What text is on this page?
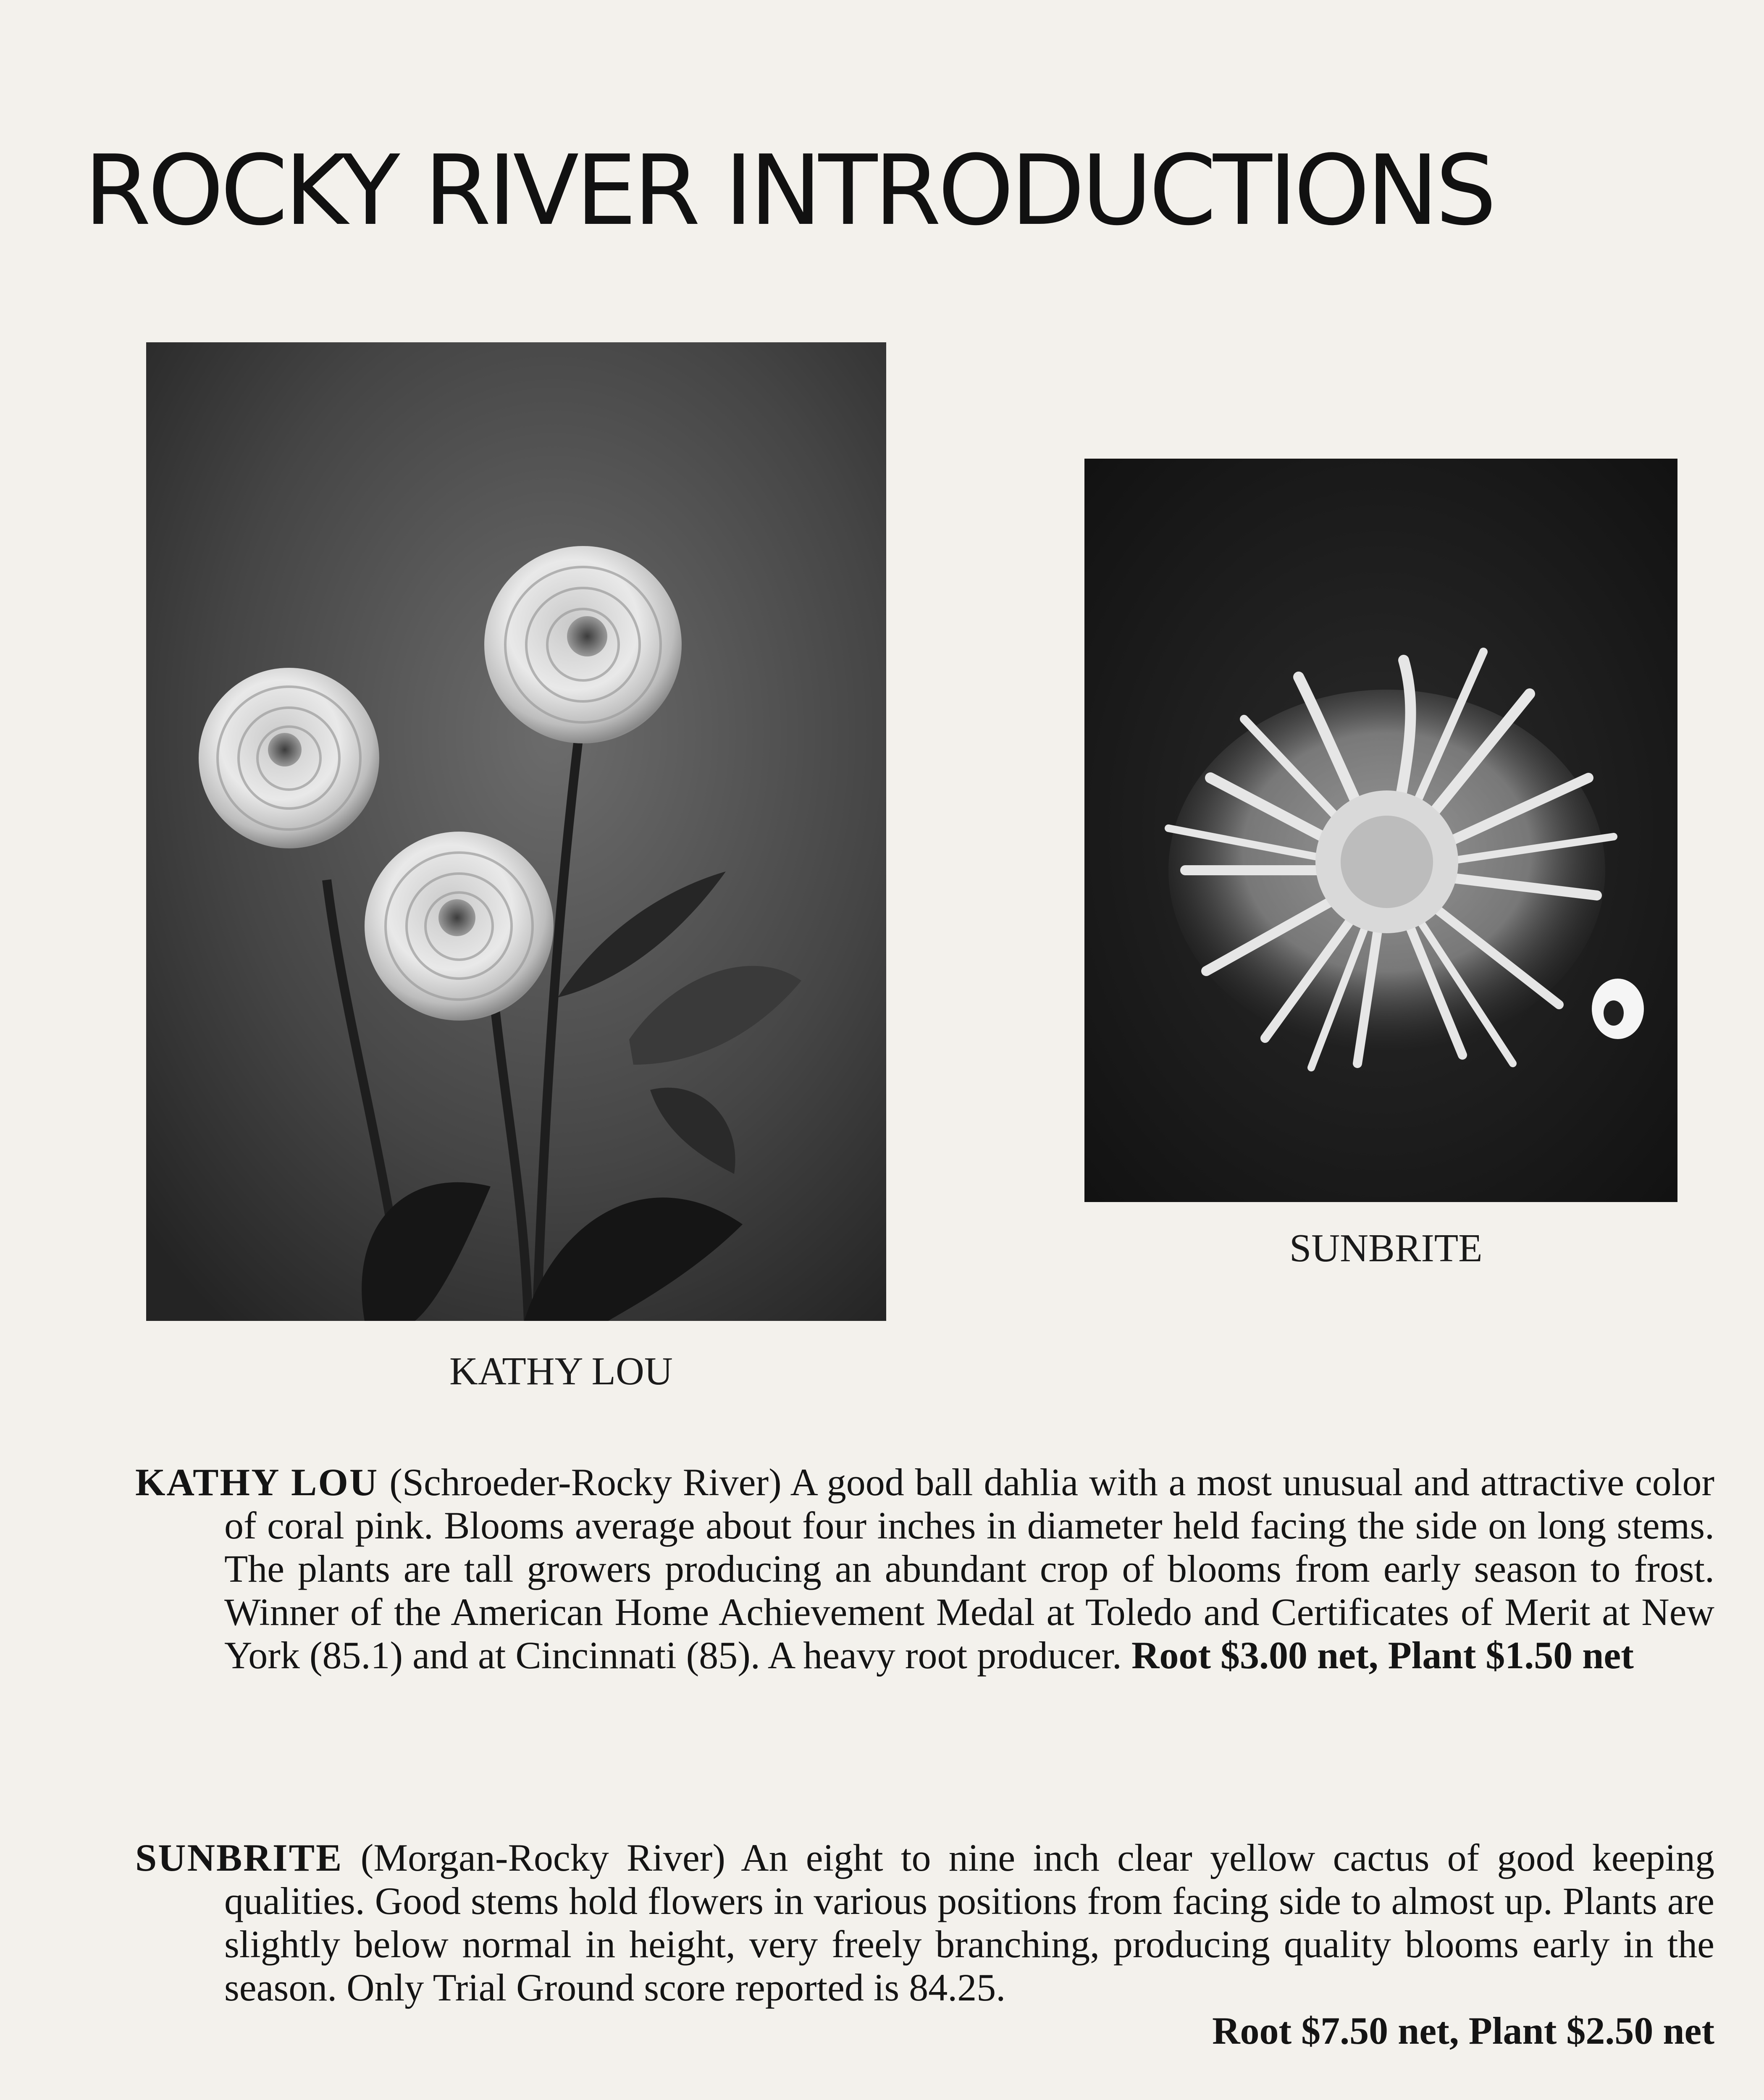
ROCKY RIVER INTRODUCTIONS
KATHY LOU
SUNBRITE

KATHY LOU (Schroeder-Rocky River) A good ball dahlia with a most unusual and attractive color of coral pink. Blooms average about four inches in diameter held facing the side on long stems. The plants are tall growers producing an abundant crop of blooms from early season to frost. Winner of the American Home Achievement Medal at Toledo and Certificates of Merit at New York (85.1) and at Cincinnati (85). A heavy root producer. Root $3.00 net, Plant $1.50 net

SUNBRITE (Morgan-Rocky River) An eight to nine inch clear yellow cactus of good keeping qualities. Good stems hold flowers in various positions from facing side to almost up. Plants are slightly below normal in height, very freely branching, producing quality blooms early in the season. Only Trial Ground score reported is 84.25.
Root $7.50 net, Plant $2.50 net
